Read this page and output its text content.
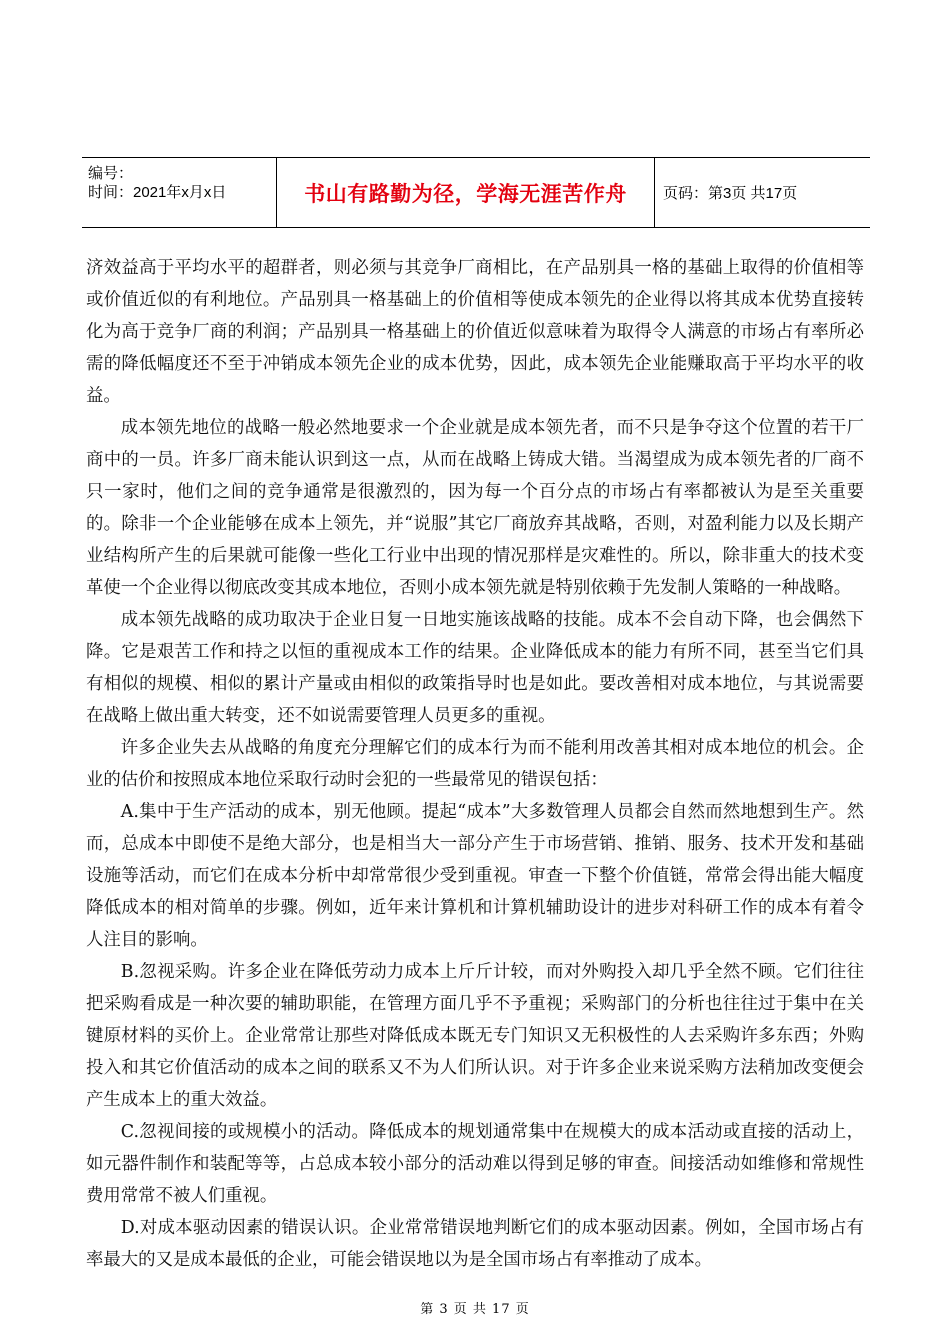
编号：
时间：2021年x月x日	书山有路勤为径，学海无涯苦作舟	页码：第3页 共17页

济效益高于平均水平的超群者，则必须与其竞争厂商相比，在产品别具一格的基础上取得的价值相等或价值近似的有利地位。产品别具一格基础上的价值相等使成本领先的企业得以将其成本优势直接转化为高于竞争厂商的利润；产品别具一格基础上的价值近似意味着为取得令人满意的市场占有率所必需的降低幅度还不至于冲销成本领先企业的成本优势，因此，成本领先企业能赚取高于平均水平的收益。

成本领先地位的战略一般必然地要求一个企业就是成本领先者，而不只是争夺这个位置的若干厂商中的一员。许多厂商未能认识到这一点，从而在战略上铸成大错。当渴望成为成本领先者的厂商不只一家时，他们之间的竞争通常是很激烈的，因为每一个百分点的市场占有率都被认为是至关重要的。除非一个企业能够在成本上领先，并“说服”其它厂商放弃其战略，否则，对盈利能力以及长期产业结构所产生的后果就可能像一些化工行业中出现的情况那样是灾难性的。所以，除非重大的技术变革使一个企业得以彻底改变其成本地位，否则小成本领先就是特别依赖于先发制人策略的一种战略。

成本领先战略的成功取决于企业日复一日地实施该战略的技能。成本不会自动下降，也会偶然下降。它是艰苦工作和持之以恒的重视成本工作的结果。企业降低成本的能力有所不同，甚至当它们具有相似的规模、相似的累计产量或由相似的政策指导时也是如此。要改善相对成本地位，与其说需要在战略上做出重大转变，还不如说需要管理人员更多的重视。

许多企业失去从战略的角度充分理解它们的成本行为而不能利用改善其相对成本地位的机会。企业的估价和按照成本地位采取行动时会犯的一些最常见的错误包括：

A.集中于生产活动的成本，别无他顾。提起“成本”大多数管理人员都会自然而然地想到生产。然而，总成本中即使不是绝大部分，也是相当大一部分产生于市场营销、推销、服务、技术开发和基础设施等活动，而它们在成本分析中却常常很少受到重视。审查一下整个价值链，常常会得出能大幅度降低成本的相对简单的步骤。例如，近年来计算机和计算机辅助设计的进步对科研工作的成本有着令人注目的影响。

B.忽视采购。许多企业在降低劳动力成本上斤斤计较，而对外购投入却几乎全然不顾。它们往往把采购看成是一种次要的辅助职能，在管理方面几乎不予重视；采购部门的分析也往往过于集中在关键原材料的买价上。企业常常让那些对降低成本既无专门知识又无积极性的人去采购许多东西；外购投入和其它价值活动的成本之间的联系又不为人们所认识。对于许多企业来说采购方法稍加改变便会产生成本上的重大效益。

C.忽视间接的或规模小的活动。降低成本的规划通常集中在规模大的成本活动或直接的活动上，如元器件制作和装配等等，占总成本较小部分的活动难以得到足够的审查。间接活动如维修和常规性费用常常不被人们重视。

D.对成本驱动因素的错误认识。企业常常错误地判断它们的成本驱动因素。例如，全国市场占有率最大的又是成本最低的企业，可能会错误地以为是全国市场占有率推动了成本。

第 3 页 共 17 页
